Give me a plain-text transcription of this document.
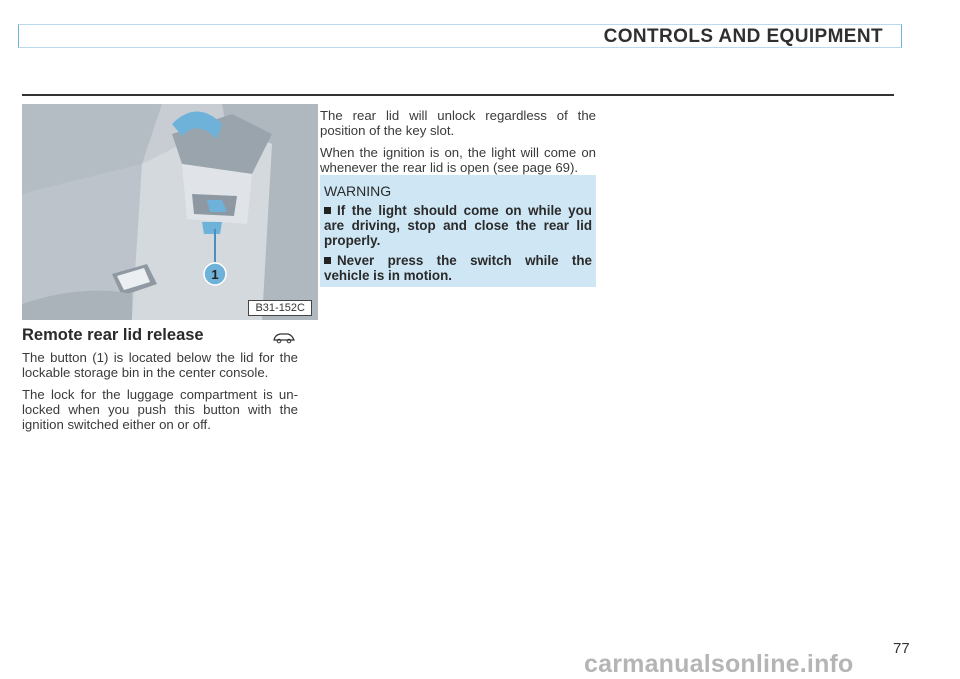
CONTROLS AND EQUIPMENT
1
B31-152C
Remote rear lid release

The button (1) is located below the lid for the lockable storage bin in the center console.

The lock for the luggage compartment is un-locked when you push this button with the ignition switched either on or off.

The rear lid will unlock regardless of the position of the key slot.

When the ignition is on, the light will come on whenever the rear lid is open (see page 69).

WARNING
If the light should come on while you are driving, stop and close the rear lid properly.
Never press the switch while the vehicle is in motion.
77
carmanualsonline.info
